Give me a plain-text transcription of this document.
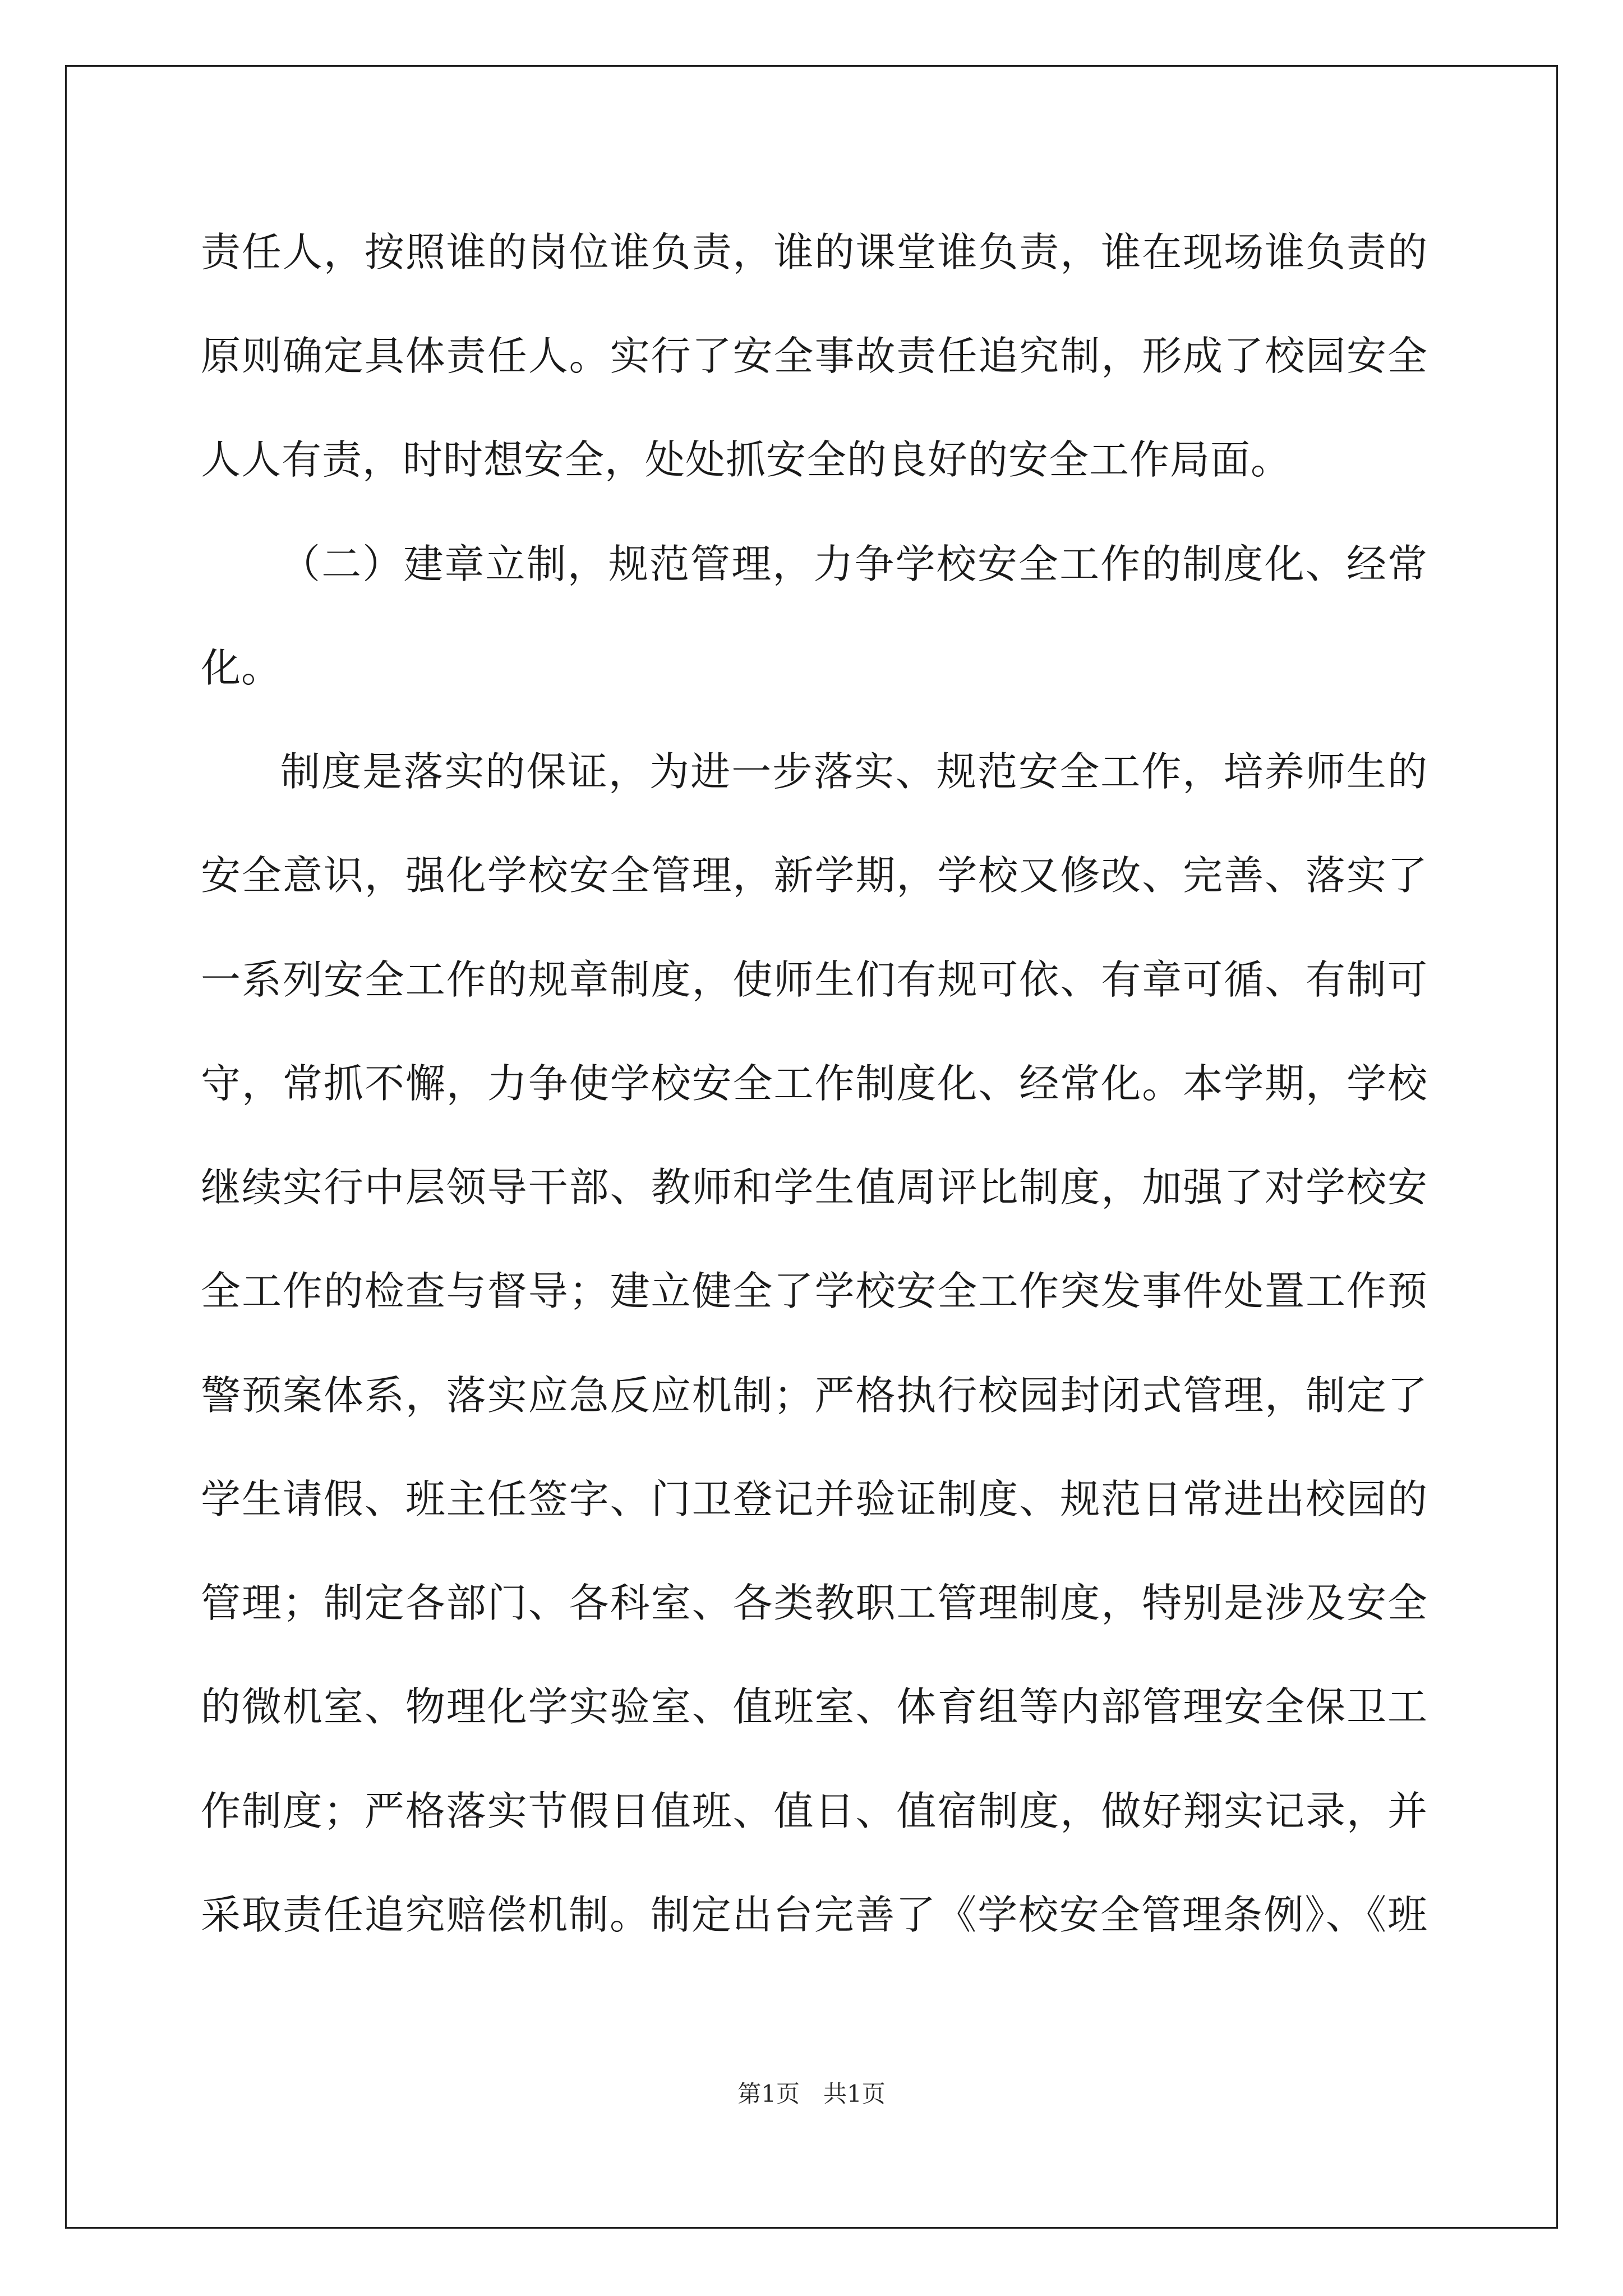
责任人，按照谁的岗位谁负责，谁的课堂谁负责，谁在现场谁负责的
原则确定具体责任人。实行了安全事故责任追究制，形成了校园安全
人人有责，时时想安全，处处抓安全的良好的安全工作局面。
（二）建章立制，规范管理，力争学校安全工作的制度化、经常
化。
制度是落实的保证，为进一步落实、规范安全工作，培养师生的
安全意识，强化学校安全管理，新学期，学校又修改、完善、落实了
一系列安全工作的规章制度，使师生们有规可依、有章可循、有制可
守，常抓不懈，力争使学校安全工作制度化、经常化。本学期，学校
继续实行中层领导干部、教师和学生值周评比制度，加强了对学校安
全工作的检查与督导；建立健全了学校安全工作突发事件处置工作预
警预案体系，落实应急反应机制；严格执行校园封闭式管理，制定了
学生请假、班主任签字、门卫登记并验证制度、规范日常进出校园的
管理；制定各部门、各科室、各类教职工管理制度，特别是涉及安全
的微机室、物理化学实验室、值班室、体育组等内部管理安全保卫工
作制度；严格落实节假日值班、值日、值宿制度，做好翔实记录，并
采取责任追究赔偿机制。制定出台完善了《学校安全管理条例》、《班
第1页　共1页
